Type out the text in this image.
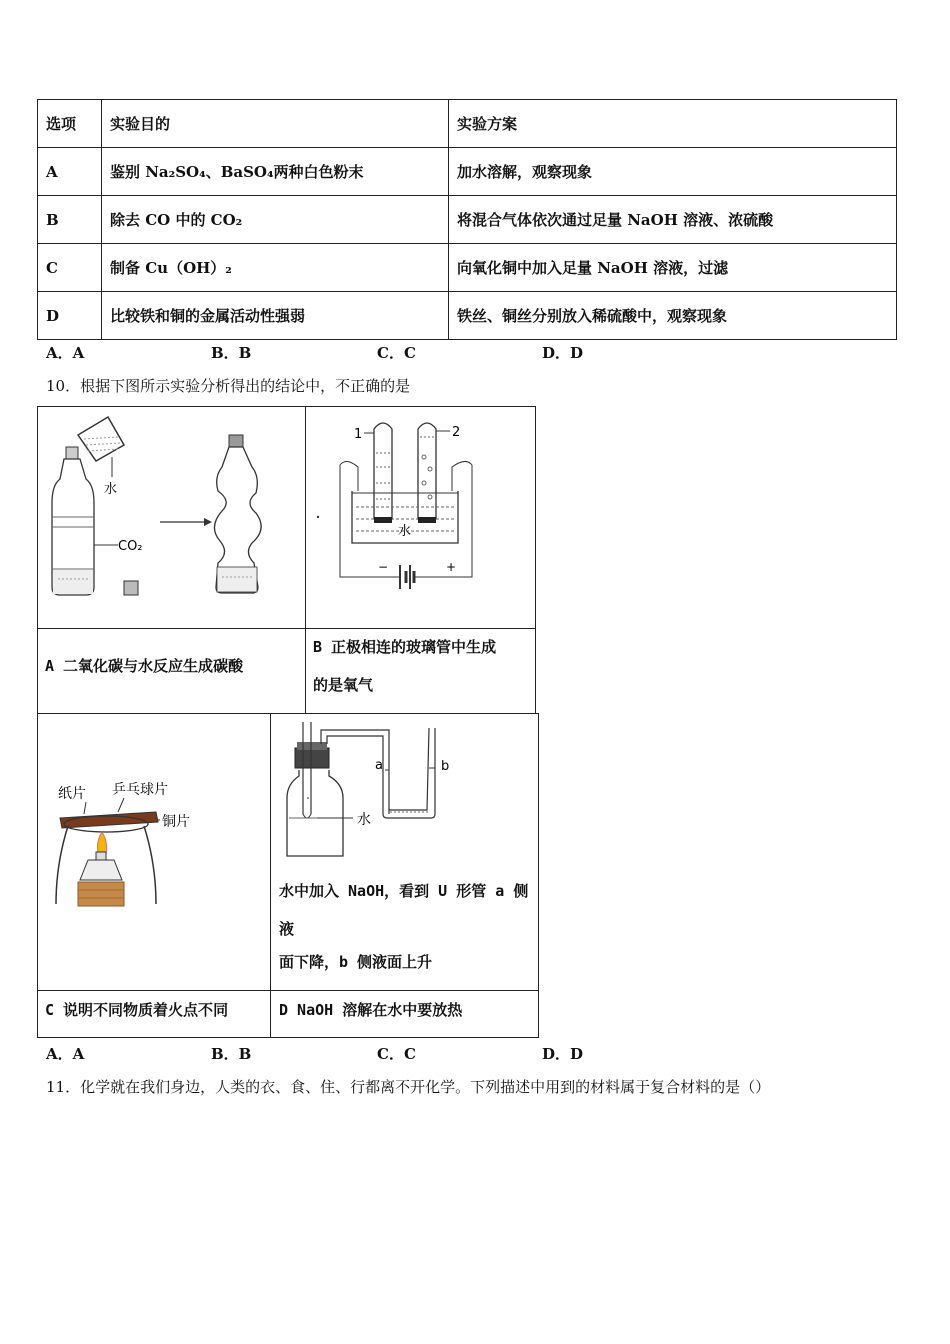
选项	实验目的	实验方案
A	鉴别 Na₂SO₄、BaSO₄两种白色粉末	加水溶解，观察现象
B	除去 CO 中的 CO₂	将混合气体依次通过足量 NaOH 溶液、浓硫酸
C	制备 Cu（OH）₂	向氧化铜中加入足量 NaOH 溶液，过滤
D	比较铁和铜的金属活动性强弱	铁丝、铜丝分别放入稀硫酸中，观察现象
A．A	B．B	C．C	D．D
10．根据下图所示实验分析得出的结论中，不正确的是
水
CO₂
1	2
水
−	+
A 二氧化碳与水反应生成碳酸
B 正极相连的玻璃管中生成
的是氧气
纸片 乒乓球片
铜片
a	b
水
水中加入 NaOH，看到 U 形管 a 侧
液
面下降，b 侧液面上升
C 说明不同物质着火点不同	D NaOH 溶解在水中要放热
A．A	B．B	C．C	D．D
11．化学就在我们身边，人类的衣、食、住、行都离不开化学。下列描述中用到的材料属于复合材料的是（）
